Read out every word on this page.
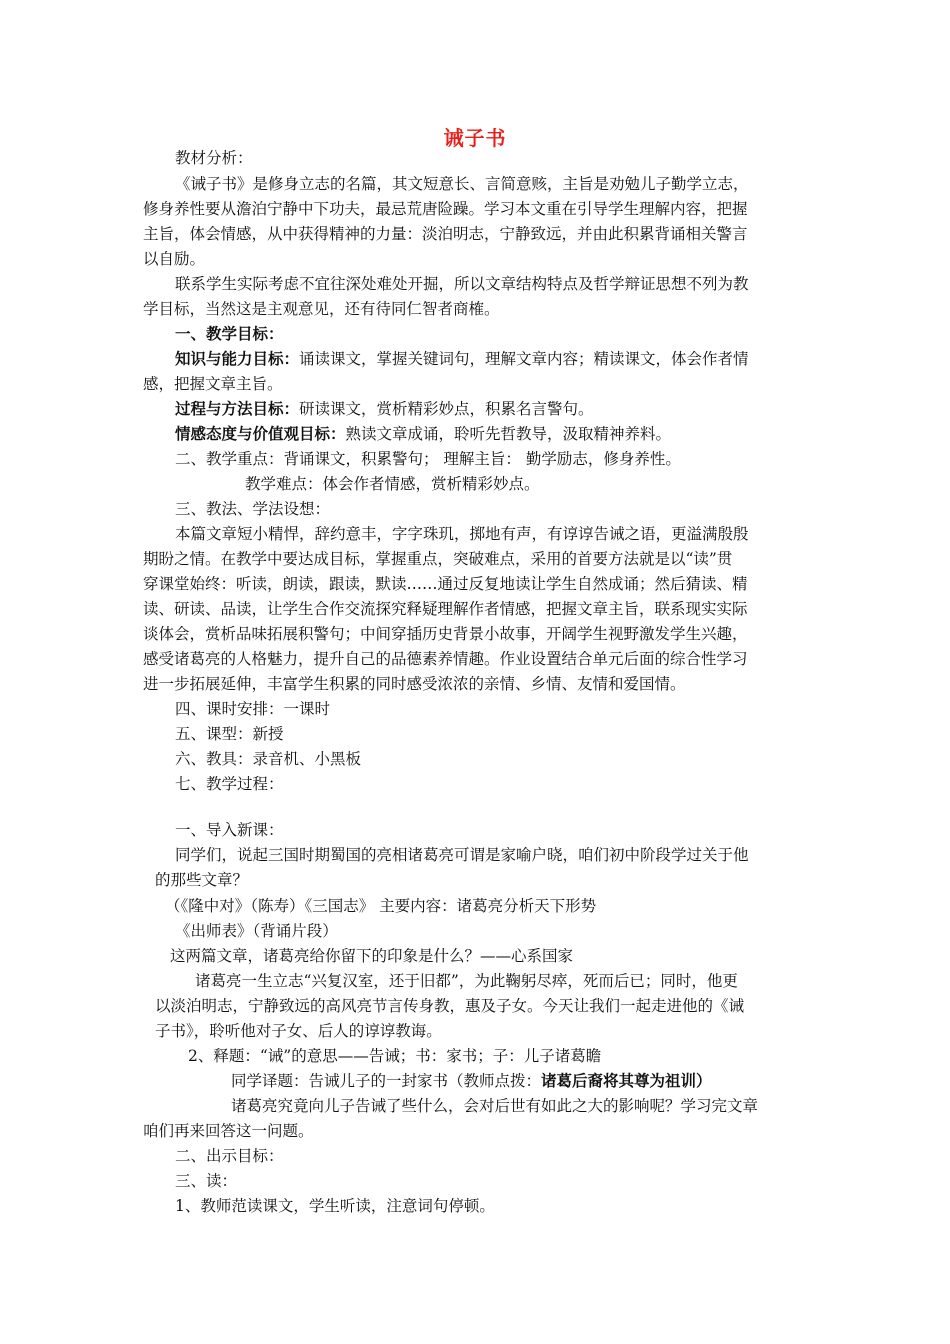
诫子书
教材分析：
《诫子书》是修身立志的名篇，其文短意长、言简意赅，主旨是劝勉儿子勤学立志，
修身养性要从澹泊宁静中下功夫，最忌荒唐险躁。学习本文重在引导学生理解内容，把握
主旨，体会情感，从中获得精神的力量：淡泊明志，宁静致远，并由此积累背诵相关警言
以自励。
联系学生实际考虑不宜往深处难处开掘，所以文章结构特点及哲学辩证思想不列为教
学目标，当然这是主观意见，还有待同仁智者商榷。
一、教学目标：
知识与能力目标：诵读课文，掌握关键词句，理解文章内容；精读课文，体会作者情
感，把握文章主旨。
过程与方法目标：研读课文，赏析精彩妙点，积累名言警句。
情感态度与价值观目标：熟读文章成诵，聆听先哲教导，汲取精神养料。
二、教学重点：背诵课文，积累警句； 理解主旨： 勤学励志，修身养性。
教学难点：体会作者情感，赏析精彩妙点。
三、教法、学法设想：
本篇文章短小精悍，辞约意丰，字字珠玑，掷地有声，有谆谆告诫之语，更溢满殷殷
期盼之情。在教学中要达成目标，掌握重点，突破难点，采用的首要方法就是以“读”贯
穿课堂始终：听读，朗读，跟读，默读……通过反复地读让学生自然成诵；然后猜读、精
读、研读、品读，让学生合作交流探究释疑理解作者情感，把握文章主旨，联系现实实际
谈体会，赏析品味拓展积警句；中间穿插历史背景小故事，开阔学生视野激发学生兴趣，
感受诸葛亮的人格魅力，提升自己的品德素养情趣。作业设置结合单元后面的综合性学习
进一步拓展延伸，丰富学生积累的同时感受浓浓的亲情、乡情、友情和爱国情。
四、课时安排：一课时
五、课型：新授
六、教具：录音机、小黑板
七、教学过程：
一、导入新课：
同学们，说起三国时期蜀国的亮相诸葛亮可谓是家喻户晓，咱们初中阶段学过关于他
的那些文章？
（《隆中对》（陈寿）《三国志》 主要内容：诸葛亮分析天下形势
《出师表》（背诵片段）
这两篇文章，诸葛亮给你留下的印象是什么？——心系国家
诸葛亮一生立志“兴复汉室，还于旧都”，为此鞠躬尽瘁，死而后已；同时，他更
以淡泊明志，宁静致远的高风亮节言传身教，惠及子女。今天让我们一起走进他的《诫
子书》，聆听他对子女、后人的谆谆教诲。
2、释题：“诫”的意思——告诫；书：家书；子：儿子诸葛瞻
同学译题：告诫儿子的一封家书（教师点拨：诸葛后裔将其尊为祖训）
诸葛亮究竟向儿子告诫了些什么，会对后世有如此之大的影响呢？学习完文章
咱们再来回答这一问题。
二、出示目标：
三、读：
1、教师范读课文，学生听读，注意词句停顿。
